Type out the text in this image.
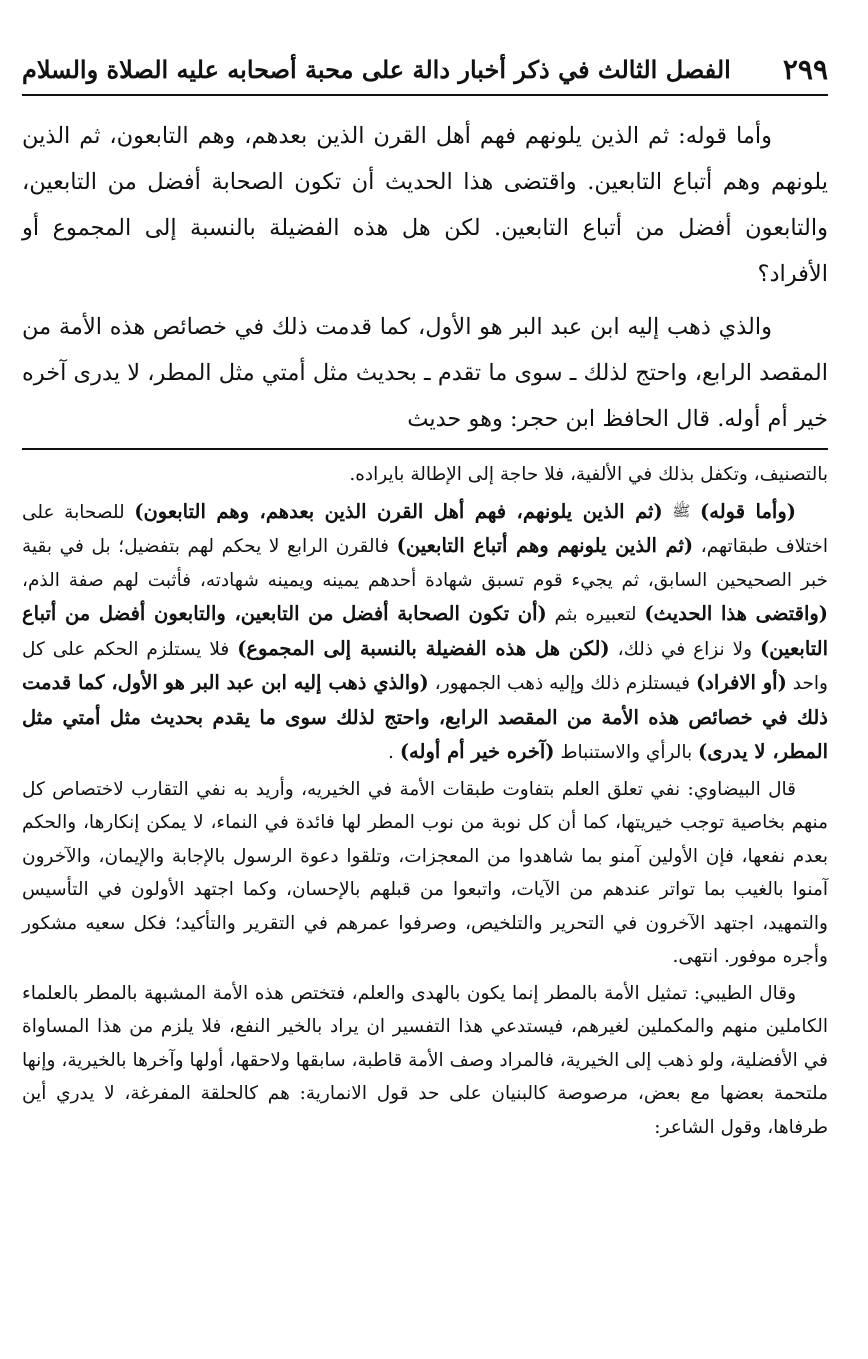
الفصل الثالث في ذكر أخبار دالة على محبة أصحابه عليه الصلاة والسلام ٢٩٩

وأما قوله: ثم الذين يلونهم فهم أهل القرن الذين بعدهم، وهم التابعون، ثم الذين يلونهم وهم أتباع التابعين. واقتضى هذا الحديث أن تكون الصحابة أفضل من التابعين، والتابعون أفضل من أتباع التابعين. لكن هل هذه الفضيلة بالنسبة إلى المجموع أو الأفراد؟

والذي ذهب إليه ابن عبد البر هو الأول، كما قدمت ذلك في خصائص هذه الأمة من المقصد الرابع، واحتج لذلك ـ سوى ما تقدم ـ بحديث مثل أمتي مثل المطر، لا يدرى آخره خير أم أوله. قال الحافظ ابن حجر: وهو حديث

بالتصنيف، وتكفل بذلك في الألفية، فلا حاجة إلى الإطالة بايراده.

(وأما قوله) ﷺ (ثم الذين يلونهم، فهم أهل القرن الذين بعدهم، وهم التابعون) للصحابة على اختلاف طبقاتهم، (ثم الذين يلونهم وهم أتباع التابعين) فالقرن الرابع لا يحكم لهم بتفضيل؛ بل في بقية خبر الصحيحين السابق، ثم يجيء قوم تسبق شهادة أحدهم يمينه ويمينه شهادته، فأثبت لهم صفة الذم، (واقتضى هذا الحديث) لتعبيره بثم (أن تكون الصحابة أفضل من التابعين، والتابعون أفضل من أتباع التابعين) ولا نزاع في ذلك، (لكن هل هذه الفضيلة بالنسبة إلى المجموع) فلا يستلزم الحكم على كل واحد (أو الافراد) فيستلزم ذلك وإليه ذهب الجمهور، (والذي ذهب إليه ابن عبد البر هو الأول، كما قدمت ذلك في خصائص هذه الأمة من المقصد الرابع، واحتج لذلك سوى ما يقدم بحديث مثل أمتي مثل المطر، لا يدرى) بالرأي والاستنباط (آخره خير أم أوله) .

قال البيضاوي: نفي تعلق العلم بتفاوت طبقات الأمة في الخيريه، وأريد به نفي التقارب لاختصاص كل منهم بخاصية توجب خيريتها، كما أن كل نوبة من نوب المطر لها فائدة في النماء، لا يمكن إنكارها، والحكم بعدم نفعها، فإن الأولين آمنو بما شاهدوا من المعجزات، وتلقوا دعوة الرسول بالإجابة والإيمان، والآخرون آمنوا بالغيب بما تواتر عندهم من الآيات، واتبعوا من قبلهم بالإحسان، وكما اجتهد الأولون في التأسيس والتمهيد، اجتهد الآخرون في التحرير والتلخيص، وصرفوا عمرهم في التقرير والتأكيد؛ فكل سعيه مشكور وأجره موفور. انتهى.

وقال الطيبي: تمثيل الأمة بالمطر إنما يكون بالهدى والعلم، فتختص هذه الأمة المشبهة بالمطر بالعلماء الكاملين منهم والمكملين لغيرهم، فيستدعي هذا التفسير ان يراد بالخير النفع، فلا يلزم من هذا المساواة في الأفضلية، ولو ذهب إلى الخيرية، فالمراد وصف الأمة قاطبة، سابقها ولاحقها، أولها وآخرها بالخيرية، وإنها ملتحمة بعضها مع بعض، مرصوصة كالبنيان على حد قول الانمارية: هم كالحلقة المفرغة، لا يدري أين طرفاها، وقول الشاعر:
